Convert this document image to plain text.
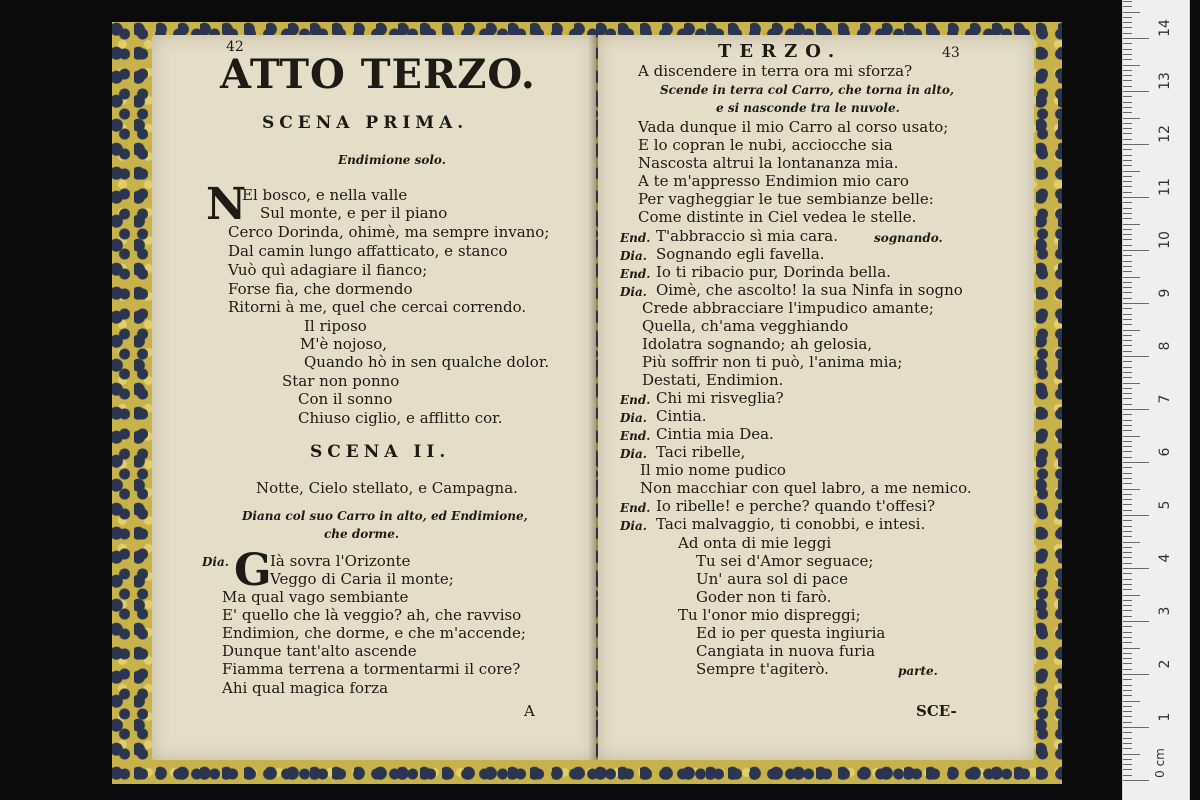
42
ATTO TERZO.
SCENA PRIMA.
Endimione solo.
N
El bosco, e nella valle
Sul monte, e per il piano
Cerco Dorinda, ohimè, ma sempre invano;
Dal camin lungo affatticato, e stanco
Vuò quì adagiare il fianco;
Forse fia, che dormendo
Ritorni à me, quel che cercai correndo.
Il riposo
M'è nojoso,
Quando hò in sen qualche dolor.
Star non ponno
Con il sonno
Chiuso ciglio, e afflitto cor.
SCENA II.
Notte, Cielo stellato, e Campagna.
Diana col suo Carro in alto, ed Endimione,
che dorme.
Dia. G
Ià sovra l'Orizonte
Veggo di Caria il monte;
Ma qual vago sembiante
E' quello che là veggio? ah, che ravviso
Endimion, che dorme, e che m'accende;
Dunque tant'alto ascende
Fiamma terrena a tormentarmi il core?
Ahi qual magica forza
A
TERZO.	43
A discendere in terra ora mi sforza?
Scende in terra col Carro, che torna in alto,
e si nasconde tra le nuvole.
Vada dunque il mio Carro al corso usato;
E lo copran le nubi, acciocche sia
Nascosta altrui la lontananza mia.
A te m'appresso Endimion mio caro
Per vagheggiar le tue sembianze belle:
Come distinte in Ciel vedea le stelle.
End. T'abbraccio sì mia cara.	sognando.
Dia. Sognando egli favella.
End. Io ti ribacio pur, Dorinda bella.
Dia. Oimè, che ascolto! la sua Ninfa in sogno
Crede abbracciare l'impudico amante;
Quella, ch'ama vegghiando
Idolatra sognando; ah gelosia,
Più soffrir non ti può, l'anima mia;
Destati, Endimion.
End. Chi mi risveglia?
Dia. Cintia.
End. Cintia mia Dea.
Dia. Taci ribelle,
Il mio nome pudico
Non macchiar con quel labro, a me nemico.
End. Io ribelle! e perche? quando t'offesi?
Dia. Taci malvaggio, ti conobbi, e intesi.
Ad onta di mie leggi
Tu sei d'Amor seguace;
Un' aura sol di pace
Goder non ti farò.
Tu l'onor mio dispreggi;
Ed io per questa ingiuria
Cangiata in nuova furia
Sempre t'agiterò.	parte.
SCE-
14
13
12
11
10
9
8
7
6
5
4
3
2
1
0 cm
